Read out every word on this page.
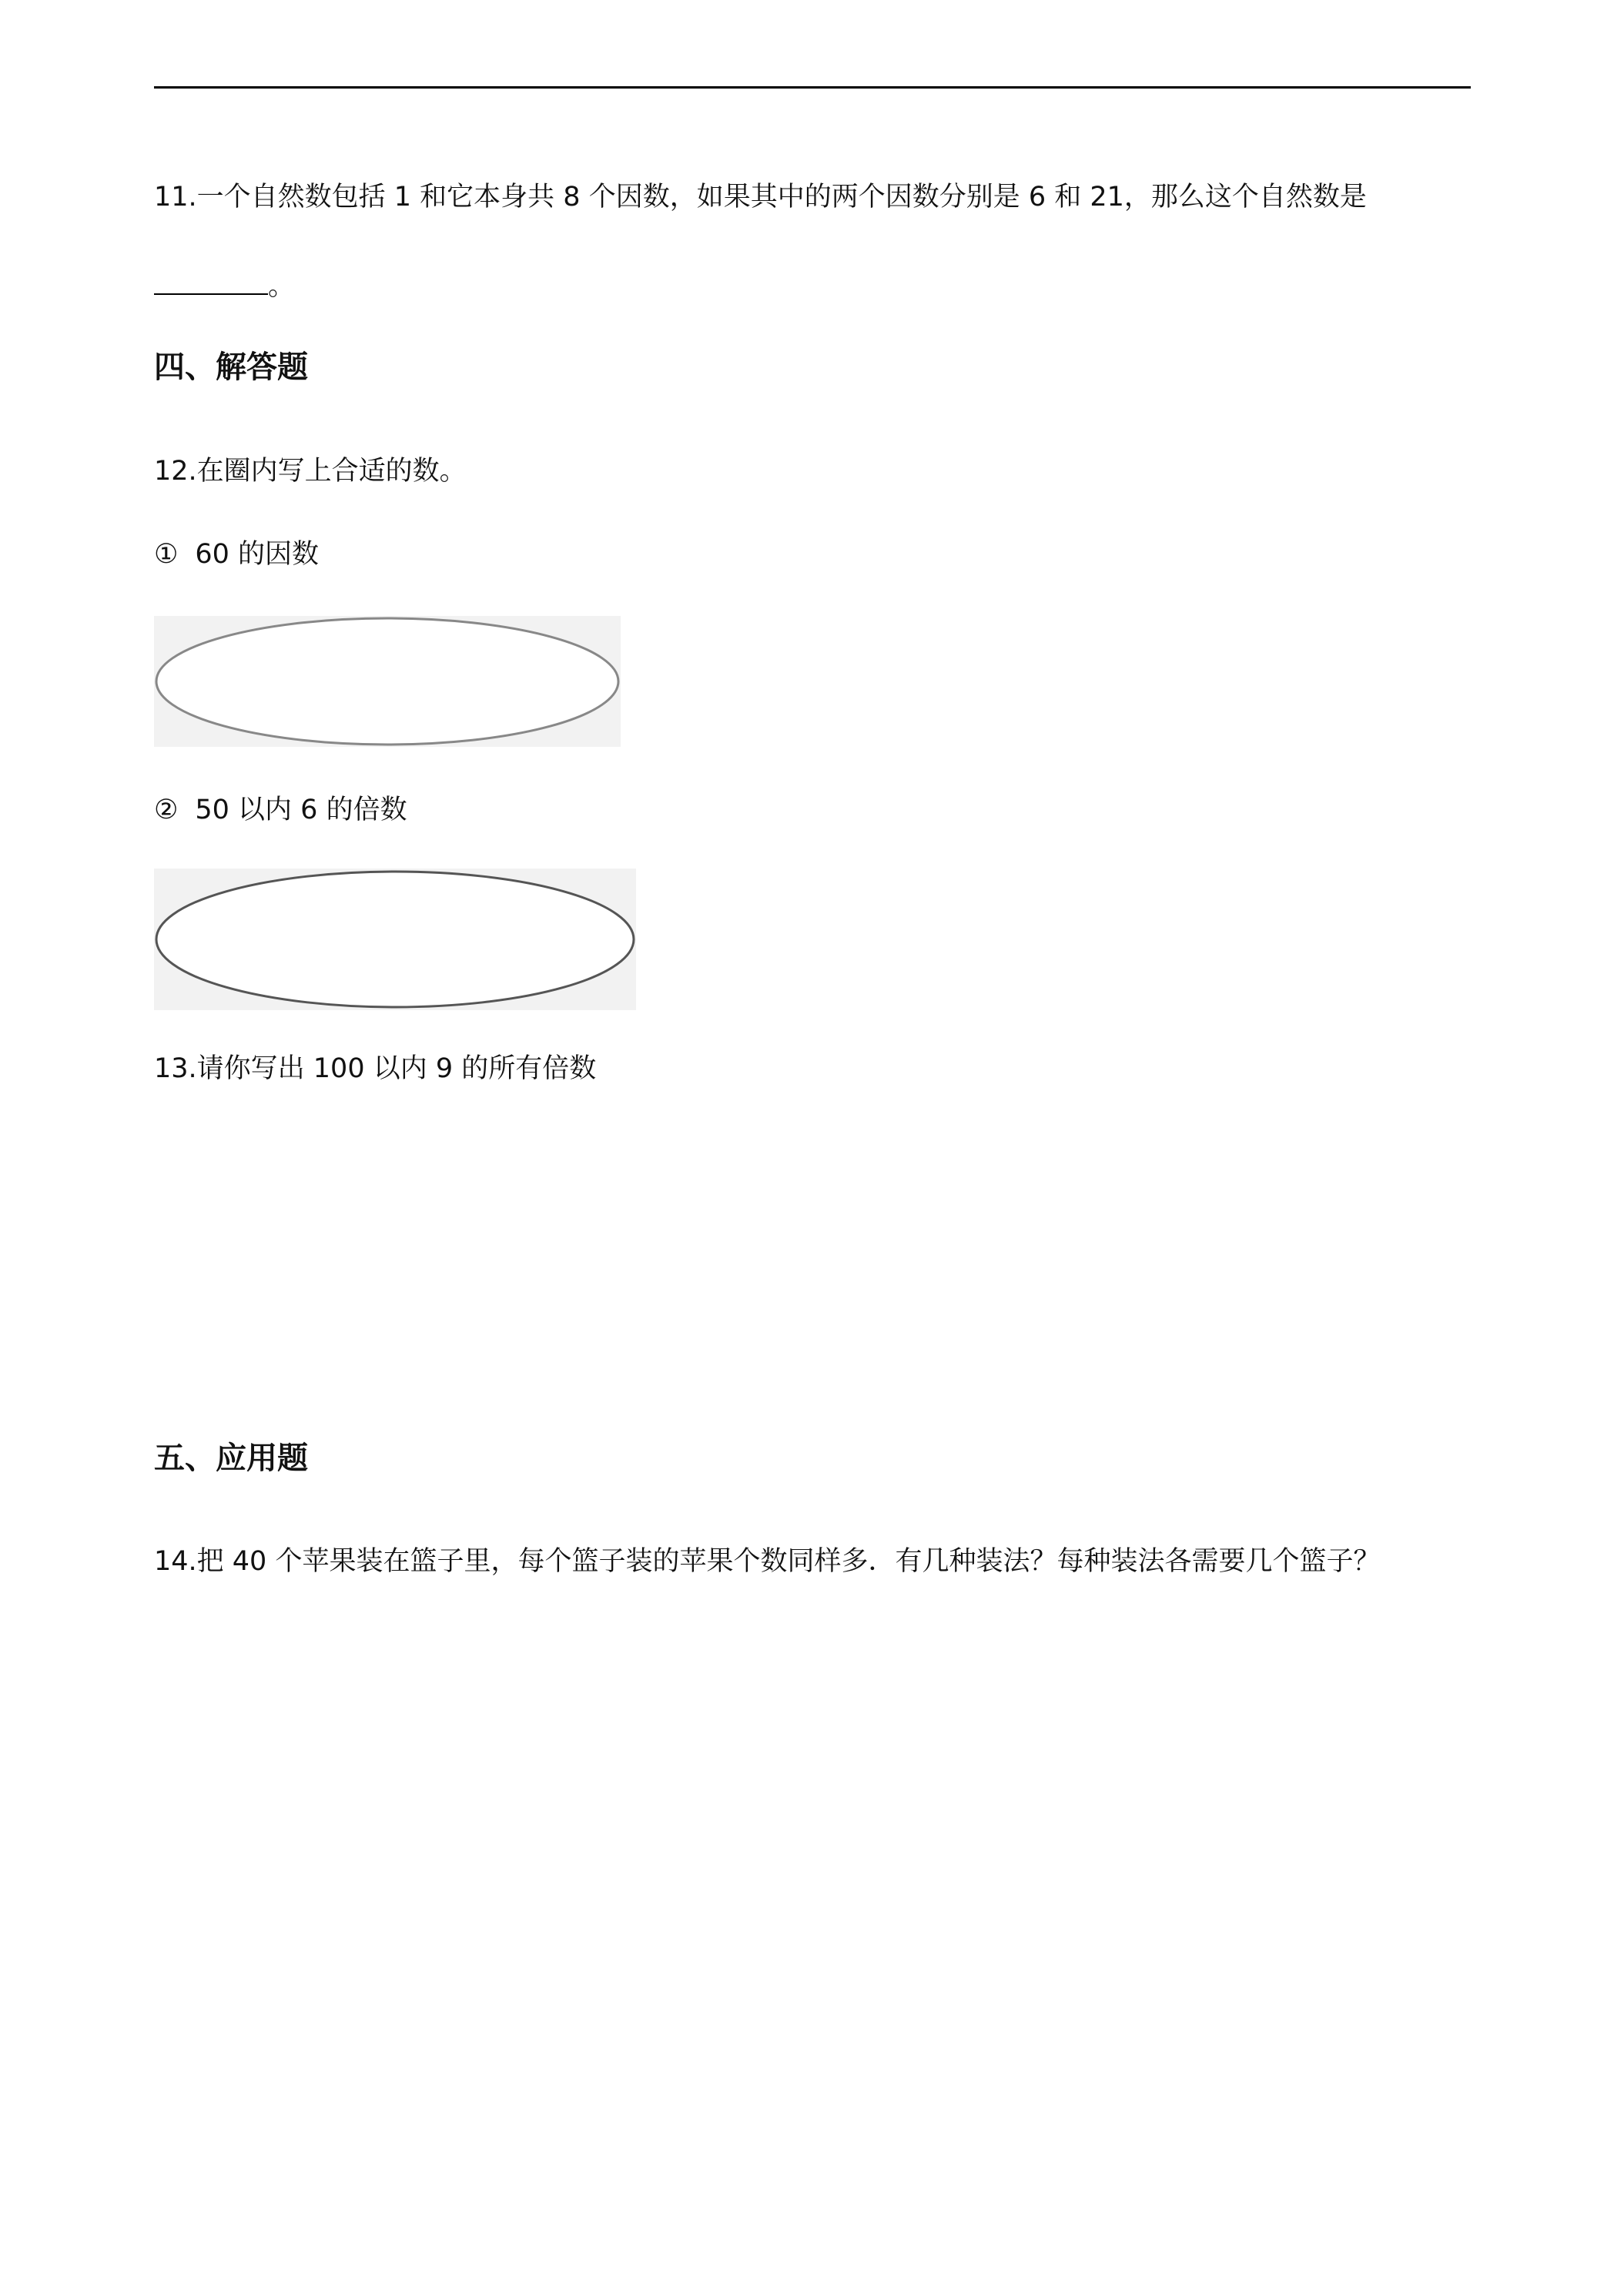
11.一个自然数包括 1 和它本身共 8 个因数，如果其中的两个因数分别是 6 和 21，那么这个自然数是
。
四、解答题
12.在圈内写上合适的数。
① 60 的因数
② 50 以内 6 的倍数
13.请你写出 100 以内 9 的所有倍数
五、应用题
14.把 40 个苹果装在篮子里，每个篮子装的苹果个数同样多．有几种装法？每种装法各需要几个篮子？
